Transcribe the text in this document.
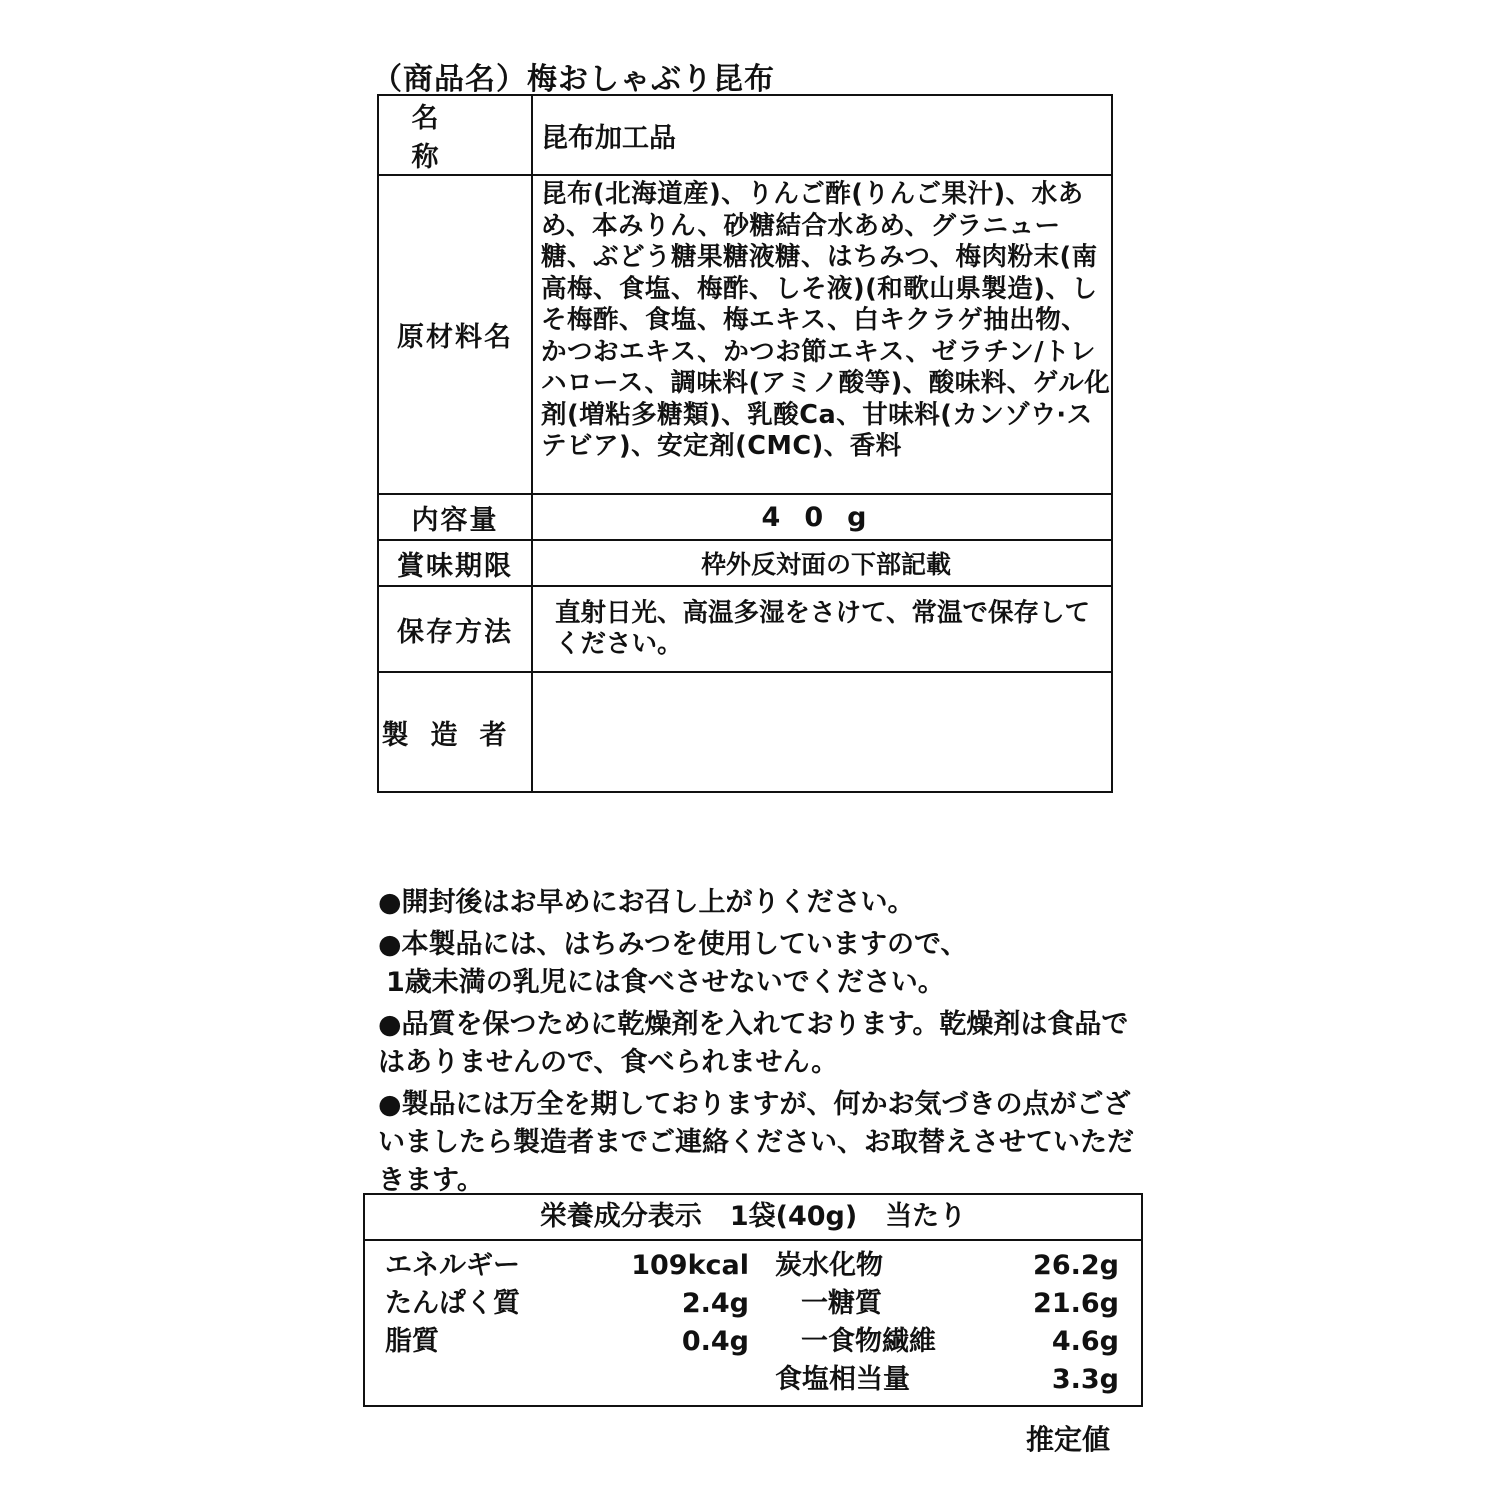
（商品名）梅おしゃぶり昆布
名称	昆布加工品
原材料名	昆布(北海道産)、りんご酢(りんご果汁)、水あめ、本みりん、砂糖結合水あめ、グラニュー糖、ぶどう糖果糖液糖、はちみつ、梅肉粉末(南高梅、食塩、梅酢、しそ液)(和歌山県製造)、しそ梅酢、食塩、梅エキス、白キクラゲ抽出物、かつおエキス、かつお節エキス、ゼラチン/トレハロース、調味料(アミノ酸等)、酸味料、ゲル化剤(増粘多糖類)、乳酸Ca、甘味料(カンゾウ·ステビア)、安定剤(CMC)、香料
内容量	40g
賞味期限	枠外反対面の下部記載
保存方法	直射日光、高温多湿をさけて、常温で保存してください。
製造者	

●開封後はお早めにお召し上がりください。

●本製品には、はちみつを使用していますので、

1歳未満の乳児には食べさせないでください。

●品質を保つために乾燥剤を入れております。乾燥剤は食品ではありませんので、食べられません。

●製品には万全を期しておりますが、何かお気づきの点がございましたら製造者までご連絡ください、お取替えさせていただきます。

栄養成分表示 1袋(40g) 当たり
エネルギー	109kcal 炭水化物	26.2g
たんぱく質	2.4g 一糖質	21.6g
脂質	0.4g 一食物繊維	4.6g
食塩相当量	3.3g
推定値
